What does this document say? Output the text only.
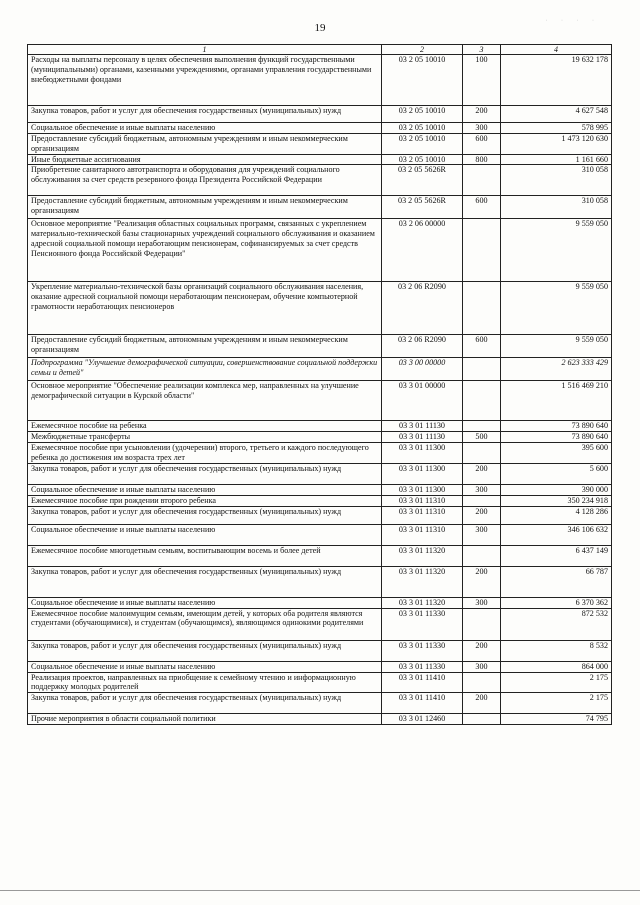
19
· · · ·
1	2	3	4
Расходы на выплаты персоналу в целях обеспечения выполнения функций государственными (муниципальными) органами, казенными учреждениями, органами управления государственными внебюджетными фондами	03 2 05 10010	100	19 632 178
Закупка товаров, работ и услуг для обеспечения государственных (муниципальных) нужд	03 2 05 10010	200	4 627 548
Социальное обеспечение и иные выплаты населению	03 2 05 10010	300	578 995
Предоставление субсидий бюджетным, автономным учреждениям и иным некоммерческим организациям	03 2 05 10010	600	1 473 120 630
Иные бюджетные ассигнования	03 2 05 10010	800	1 161 660
Приобретение санитарного автотранспорта и оборудования для учреждений социального обслуживания за счет средств резервного фонда Президента Российской Федерации	03 2 05 5626R		310 058
Предоставление субсидий бюджетным, автономным учреждениям и иным некоммерческим организациям	03 2 05 5626R	600	310 058
Основное мероприятие "Реализация областных социальных программ, связанных с укреплением материально-технической базы стационарных учреждений социального обслуживания и оказанием адресной социальной помощи неработающим пенсионерам, софинансируемых за счет средств Пенсионного фонда Российской Федерации"	03 2 06 00000		9 559 050
Укрепление материально-технической базы организаций социального обслуживания населения, оказание адресной социальной помощи неработающим пенсионерам, обучение компьютерной грамотности неработающих пенсионеров	03 2 06 R2090		9 559 050
Предоставление субсидий бюджетным, автономным учреждениям и иным некоммерческим организациям	03 2 06 R2090	600	9 559 050
Подпрограмма "Улучшение демографической ситуации, совершенствование социальной поддержки семьи и детей"	03 3 00 00000		2 623 333 429
Основное мероприятие "Обеспечение реализации комплекса мер, направленных на улучшение демографической ситуации в Курской области"	03 3 01 00000		1 516 469 210
Ежемесячное пособие на ребенка	03 3 01 11130		73 890 640
Межбюджетные трансферты	03 3 01 11130	500	73 890 640
Ежемесячное пособие при усыновлении (удочерении) второго, третьего и каждого последующего ребенка до достижения им возраста трех лет	03 3 01 11300		395 600
Закупка товаров, работ и услуг для обеспечения государственных (муниципальных) нужд	03 3 01 11300	200	5 600
Социальное обеспечение и иные выплаты населению	03 3 01 11300	300	390 000
Ежемесячное пособие при рождении второго ребенка	03 3 01 11310		350 234 918
Закупка товаров, работ и услуг для обеспечения государственных (муниципальных) нужд	03 3 01 11310	200	4 128 286
Социальное обеспечение и иные выплаты населению	03 3 01 11310	300	346 106 632
Ежемесячное пособие многодетным семьям, воспитывающим восемь и более детей	03 3 01 11320		6 437 149
Закупка товаров, работ и услуг для обеспечения государственных (муниципальных) нужд	03 3 01 11320	200	66 787
Социальное обеспечение и иные выплаты населению	03 3 01 11320	300	6 370 362
Ежемесячное пособие малоимущим семьям, имеющим детей, у которых оба родителя являются студентами (обучающимися), и студентам (обучающимся), являющимся одинокими родителями	03 3 01 11330		872 532
Закупка товаров, работ и услуг для обеспечения государственных (муниципальных) нужд	03 3 01 11330	200	8 532
Социальное обеспечение и иные выплаты населению	03 3 01 11330	300	864 000
Реализация проектов, направленных на приобщение к семейному чтению и информационную поддержку молодых родителей	03 3 01 11410		2 175
Закупка товаров, работ и услуг для обеспечения государственных (муниципальных) нужд	03 3 01 11410	200	2 175
Прочие мероприятия в области социальной политики	03 3 01 12460		74 795
